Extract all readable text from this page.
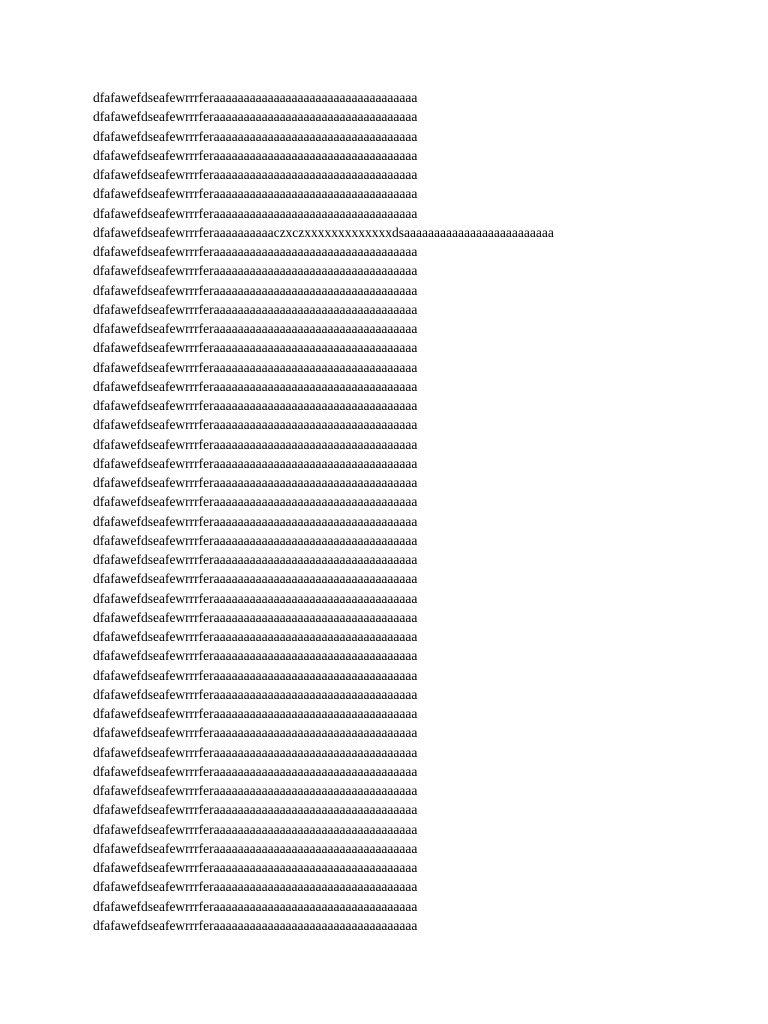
dfafawefdseafewrrrferaaaaaaaaaaaaaaaaaaaaaaaaaaaaaaaaaa
dfafawefdseafewrrrferaaaaaaaaaaaaaaaaaaaaaaaaaaaaaaaaaa
dfafawefdseafewrrrferaaaaaaaaaaaaaaaaaaaaaaaaaaaaaaaaaa
dfafawefdseafewrrrferaaaaaaaaaaaaaaaaaaaaaaaaaaaaaaaaaa
dfafawefdseafewrrrferaaaaaaaaaaaaaaaaaaaaaaaaaaaaaaaaaa
dfafawefdseafewrrrferaaaaaaaaaaaaaaaaaaaaaaaaaaaaaaaaaa
dfafawefdseafewrrrferaaaaaaaaaaaaaaaaaaaaaaaaaaaaaaaaaa
dfafawefdseafewrrrferaaaaaaaaaaczxczxxxxxxxxxxxxxdsaaaaaaaaaaaaaaaaaaaaaaaaa
dfafawefdseafewrrrferaaaaaaaaaaaaaaaaaaaaaaaaaaaaaaaaaa
dfafawefdseafewrrrferaaaaaaaaaaaaaaaaaaaaaaaaaaaaaaaaaa
dfafawefdseafewrrrferaaaaaaaaaaaaaaaaaaaaaaaaaaaaaaaaaa
dfafawefdseafewrrrferaaaaaaaaaaaaaaaaaaaaaaaaaaaaaaaaaa
dfafawefdseafewrrrferaaaaaaaaaaaaaaaaaaaaaaaaaaaaaaaaaa
dfafawefdseafewrrrferaaaaaaaaaaaaaaaaaaaaaaaaaaaaaaaaaa
dfafawefdseafewrrrferaaaaaaaaaaaaaaaaaaaaaaaaaaaaaaaaaa
dfafawefdseafewrrrferaaaaaaaaaaaaaaaaaaaaaaaaaaaaaaaaaa
dfafawefdseafewrrrferaaaaaaaaaaaaaaaaaaaaaaaaaaaaaaaaaa
dfafawefdseafewrrrferaaaaaaaaaaaaaaaaaaaaaaaaaaaaaaaaaa
dfafawefdseafewrrrferaaaaaaaaaaaaaaaaaaaaaaaaaaaaaaaaaa
dfafawefdseafewrrrferaaaaaaaaaaaaaaaaaaaaaaaaaaaaaaaaaa
dfafawefdseafewrrrferaaaaaaaaaaaaaaaaaaaaaaaaaaaaaaaaaa
dfafawefdseafewrrrferaaaaaaaaaaaaaaaaaaaaaaaaaaaaaaaaaa
dfafawefdseafewrrrferaaaaaaaaaaaaaaaaaaaaaaaaaaaaaaaaaa
dfafawefdseafewrrrferaaaaaaaaaaaaaaaaaaaaaaaaaaaaaaaaaa
dfafawefdseafewrrrferaaaaaaaaaaaaaaaaaaaaaaaaaaaaaaaaaa
dfafawefdseafewrrrferaaaaaaaaaaaaaaaaaaaaaaaaaaaaaaaaaa
dfafawefdseafewrrrferaaaaaaaaaaaaaaaaaaaaaaaaaaaaaaaaaa
dfafawefdseafewrrrferaaaaaaaaaaaaaaaaaaaaaaaaaaaaaaaaaa
dfafawefdseafewrrrferaaaaaaaaaaaaaaaaaaaaaaaaaaaaaaaaaa
dfafawefdseafewrrrferaaaaaaaaaaaaaaaaaaaaaaaaaaaaaaaaaa
dfafawefdseafewrrrferaaaaaaaaaaaaaaaaaaaaaaaaaaaaaaaaaa
dfafawefdseafewrrrferaaaaaaaaaaaaaaaaaaaaaaaaaaaaaaaaaa
dfafawefdseafewrrrferaaaaaaaaaaaaaaaaaaaaaaaaaaaaaaaaaa
dfafawefdseafewrrrferaaaaaaaaaaaaaaaaaaaaaaaaaaaaaaaaaa
dfafawefdseafewrrrferaaaaaaaaaaaaaaaaaaaaaaaaaaaaaaaaaa
dfafawefdseafewrrrferaaaaaaaaaaaaaaaaaaaaaaaaaaaaaaaaaa
dfafawefdseafewrrrferaaaaaaaaaaaaaaaaaaaaaaaaaaaaaaaaaa
dfafawefdseafewrrrferaaaaaaaaaaaaaaaaaaaaaaaaaaaaaaaaaa
dfafawefdseafewrrrferaaaaaaaaaaaaaaaaaaaaaaaaaaaaaaaaaa
dfafawefdseafewrrrferaaaaaaaaaaaaaaaaaaaaaaaaaaaaaaaaaa
dfafawefdseafewrrrferaaaaaaaaaaaaaaaaaaaaaaaaaaaaaaaaaa
dfafawefdseafewrrrferaaaaaaaaaaaaaaaaaaaaaaaaaaaaaaaaaa
dfafawefdseafewrrrferaaaaaaaaaaaaaaaaaaaaaaaaaaaaaaaaaa
dfafawefdseafewrrrferaaaaaaaaaaaaaaaaaaaaaaaaaaaaaaaaaa
